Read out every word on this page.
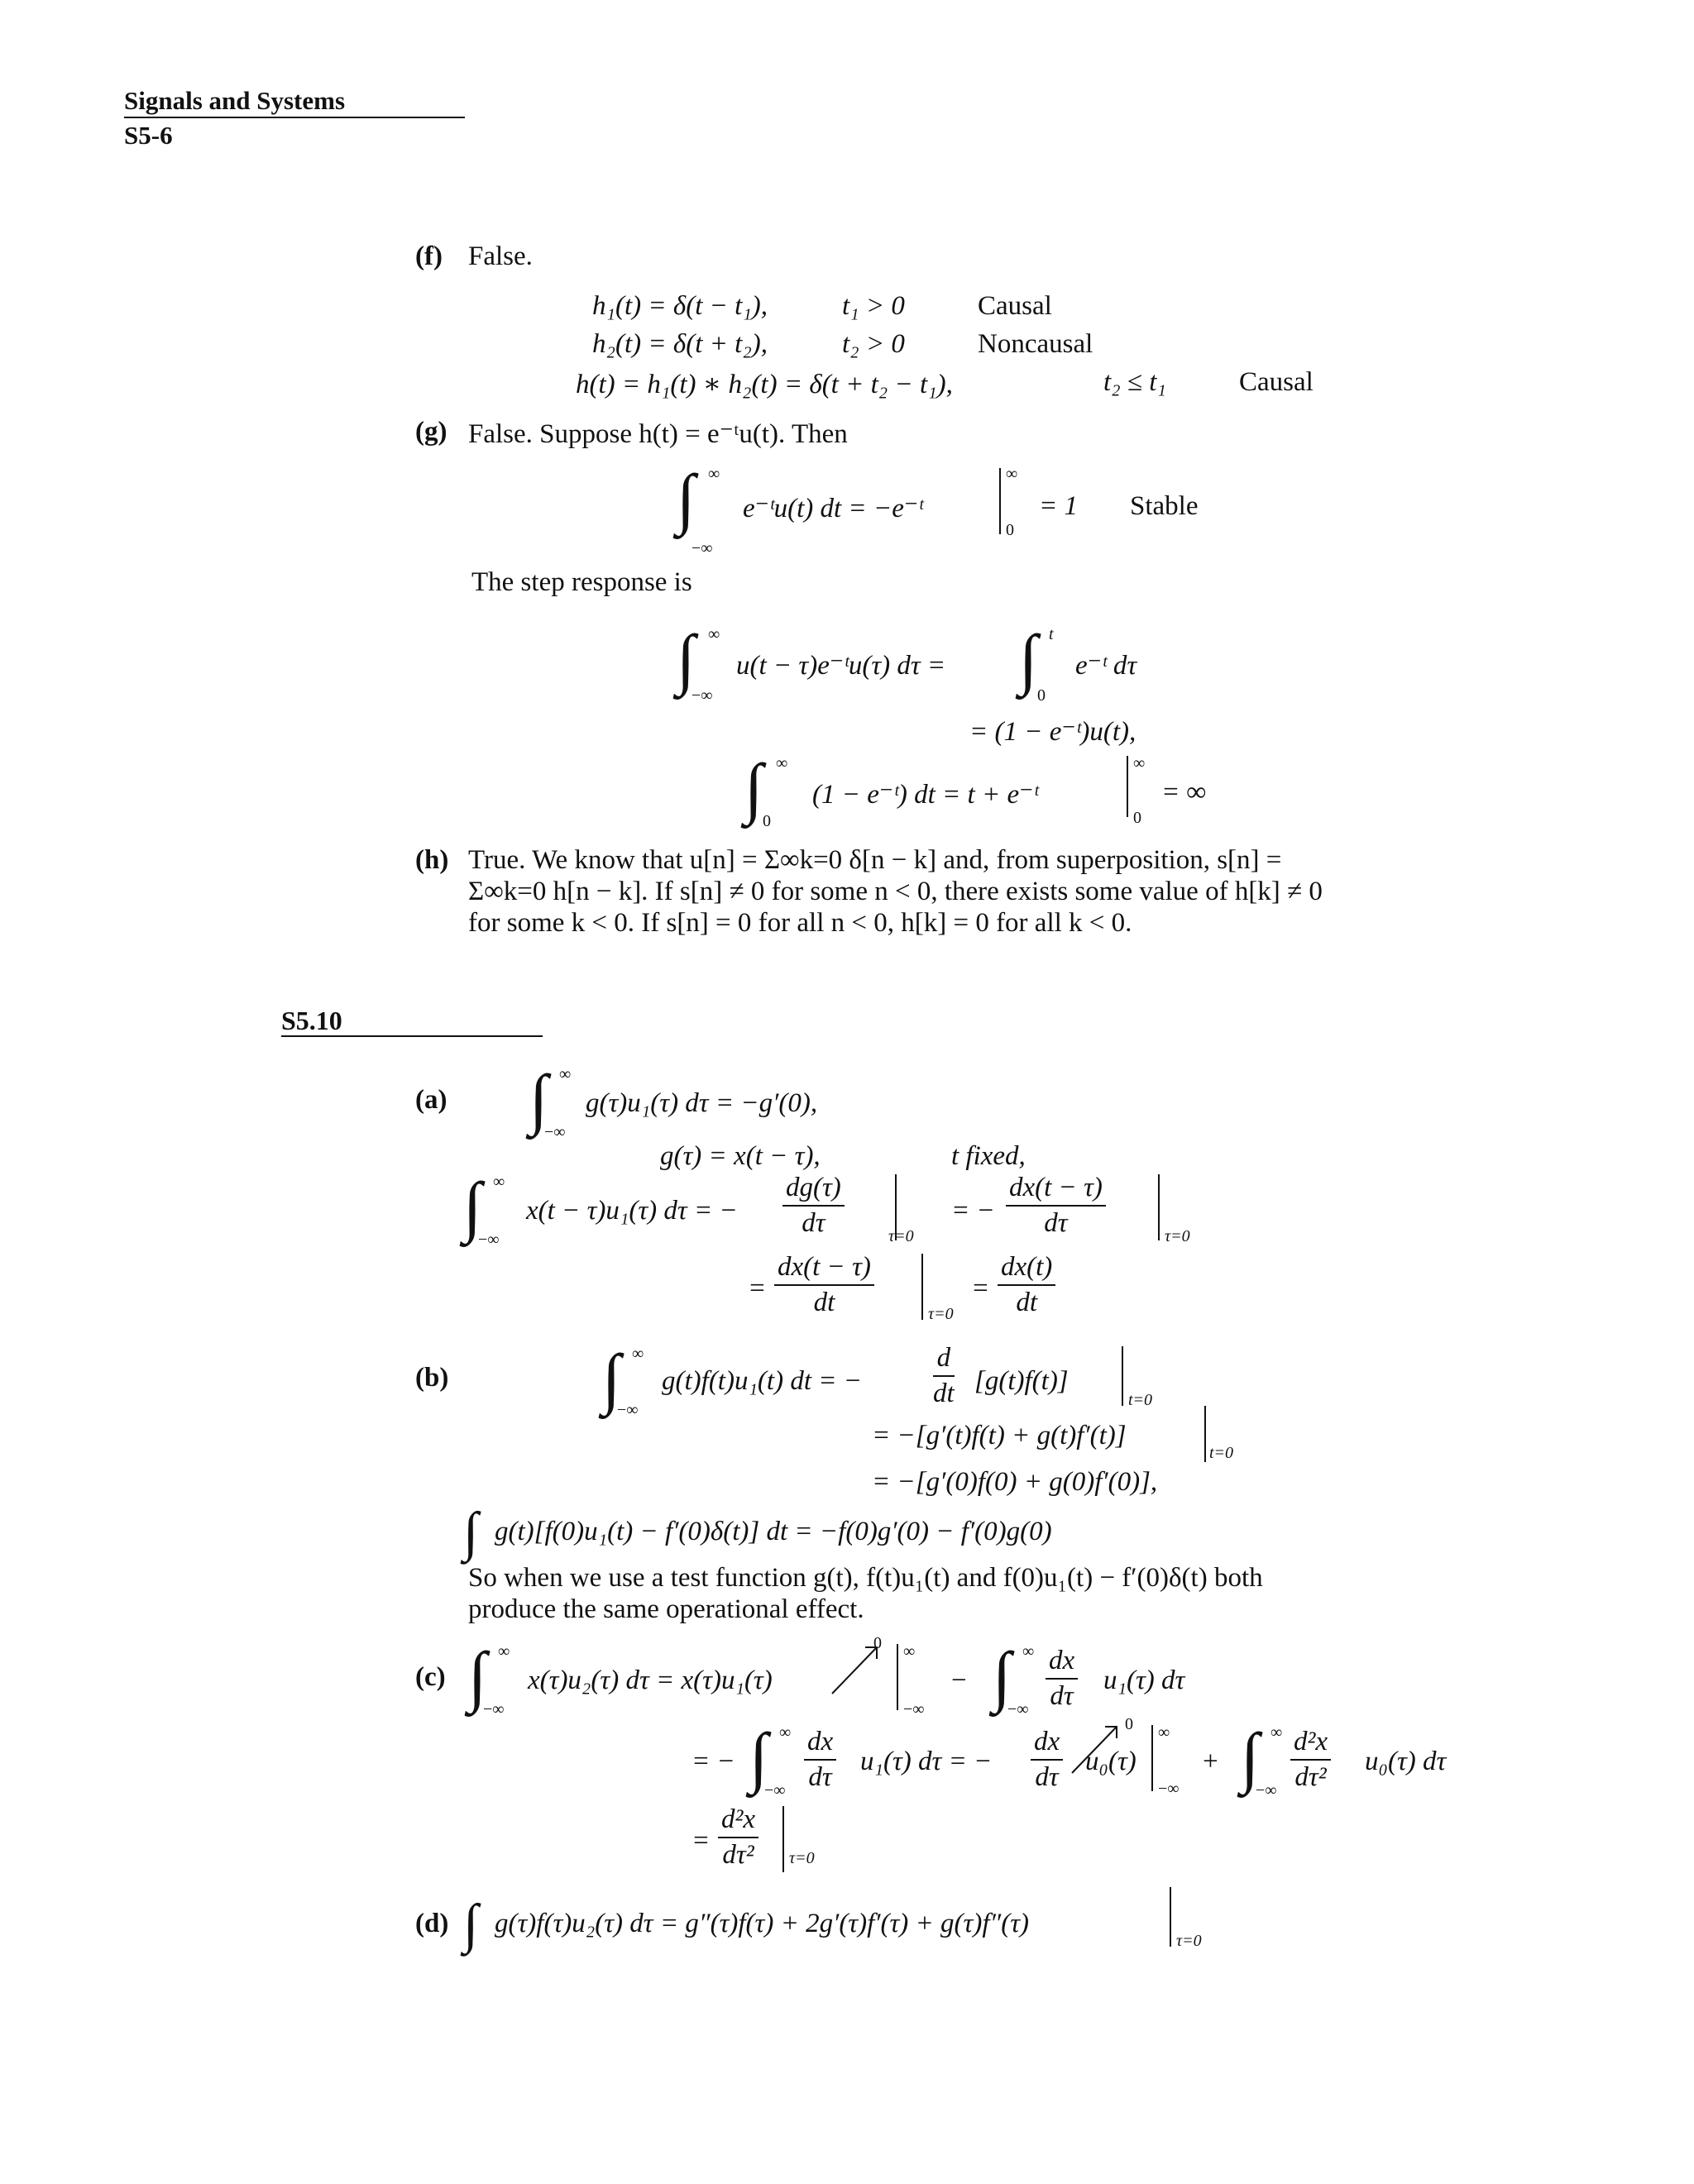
Signals and Systems
S5-6
(f) False.
h₁(t) = δ(t − t₁),	t₁ > 0	Causal
h₂(t) = δ(t + t₂),	t₂ > 0	Noncausal
h(t) = h₁(t) ∗ h₂(t) = δ(t + t₂ − t₁),	t₂ ≤ t₁	Causal
(g) False. Suppose h(t) = e⁻ᵗu(t). Then
∫ ∞
−∞
e⁻ᵗu(t) dt = −e⁻ᵗ
∞
0
= 1 Stable
The step response is
∫ ∞
−∞
u(t − τ)e⁻ᵗu(τ) dτ = ∫ t
0
e⁻ᵗ dτ
= (1 − e⁻ᵗ)u(t),
∫ ∞
0
(1 − e⁻ᵗ) dt = t + e⁻ᵗ
∞
0
= ∞
(h) True. We know that u[n] = Σ∞k=0 δ[n − k] and, from superposition, s[n] =
Σ∞k=0 h[n − k]. If s[n] ≠ 0 for some n < 0, there exists some value of h[k] ≠ 0
for some k < 0. If s[n] = 0 for all n < 0, h[k] = 0 for all k < 0.
S5.10
(a) ∫ ∞
−∞
g(τ)u₁(τ) dτ = −g′(0),
g(τ) = x(t − τ),	t fixed,
∫ ∞
−∞
x(t − τ)u₁(τ) dτ = − $\frac{dg(\tau)}{d\tau}$	τ=0
= − $\frac{dx(t - \tau)}{d\tau}$	τ=0
= $\frac{dx(t - \tau)}{dt}$	τ=0
= $\frac{dx(t)}{dt}$
(b) ∫ ∞
−∞
g(t)f(t)u₁(t) dt = −	$\frac{d}{dt} [g(t)f(t)]$
t=0
= −[g′(t)f(t) + g(t)f′(t)]
t=0
= −[g′(0)f(0) + g(0)f′(0)],
∫ g(t)[f(0)u₁(t) − f′(0)δ(t)] dt = −f(0)g′(0) − f′(0)g(0)
So when we use a test function g(t), f(t)u₁(t) and f(0)u₁(t) − f′(0)δ(t) both
produce the same operational effect.
(c) ∫ ∞
−∞
x(τ)u₂(τ) dτ = x(τ)u₁(τ)
0 ∞
−∞
− ∫ ∞
−∞ $\frac{dx}{d\tau} u_1(\tau)$ dτ
= − ∫ ∞
−∞ $\frac{dx}{d\tau} u_1(\tau) d\tau$ = − $\frac{dx}{d\tau} u_0(\tau)$
0 ∞
−∞
+ ∫ ∞
−∞ $\frac{\text{d²x}}{\text{dτ²}} u_0(\tau)$ dτ
= $\frac{\text{d²x}}{\text{dτ²}} \tau=0$
(d) ∫ g(τ)f(τ)u₂(τ) dτ = g″(τ)f(τ) + 2g′(τ)f′(τ) + g(τ)f″(τ)
τ=0
